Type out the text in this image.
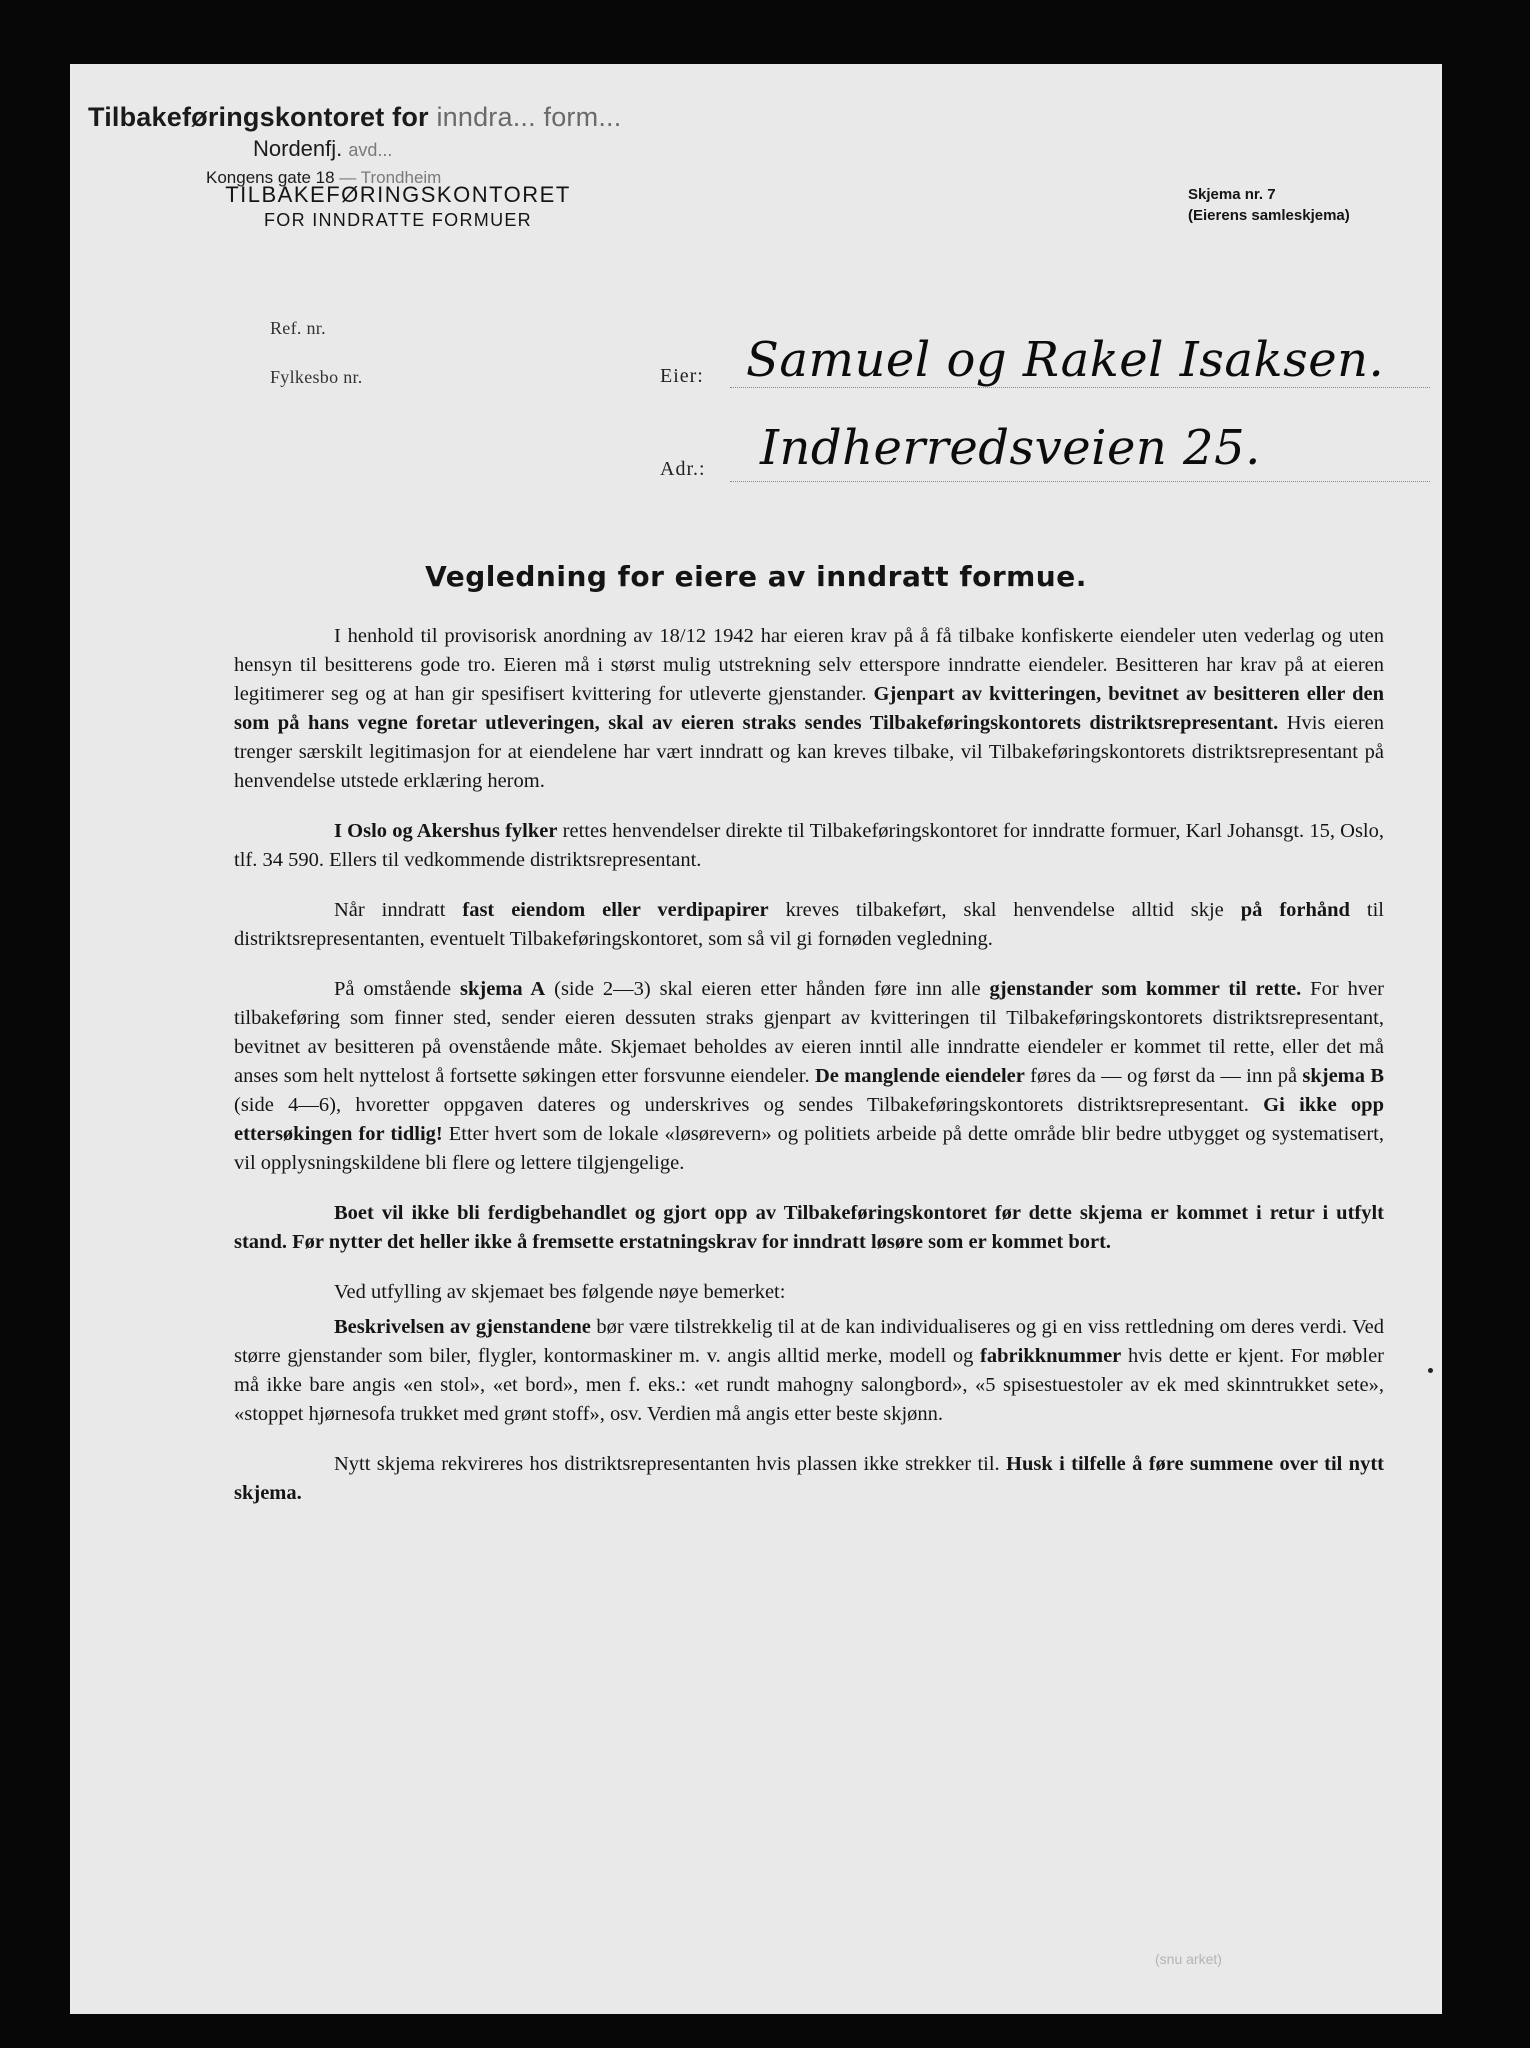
Tilbakeføringskontoret for inndra... form...
Nordenfj. avd...
Kongens gate 18 — Trondheim
TILBAKEFØRINGSKONTORET
FOR INNDRATTE FORMUER
Skjema nr. 7
(Eierens samleskjema)
Ref. nr.
Fylkesbo nr.	Eier: Samuel og Rakel Isaksen.
Adr.: Indherredsveien 25.
Vegledning for eiere av inndratt formue.

I henhold til provisorisk anordning av 18/12 1942 har eieren krav på å få tilbake konfiskerte eiendeler uten vederlag og uten hensyn til besitterens gode tro. Eieren må i størst mulig utstrekning selv etterspore inndratte eiendeler. Besitteren har krav på at eieren legitimerer seg og at han gir spesifisert kvittering for utleverte gjenstander. Gjenpart av kvitteringen, bevitnet av besitteren eller den som på hans vegne foretar utleveringen, skal av eieren straks sendes Tilbakeføringskontorets distriktsrepresentant. Hvis eieren trenger særskilt legitimasjon for at eiendelene har vært inndratt og kan kreves tilbake, vil Tilbakeføringskontorets distriktsrepresentant på henvendelse utstede erklæring herom.

I Oslo og Akershus fylker rettes henvendelser direkte til Tilbakeføringskontoret for inndratte formuer, Karl Johansgt. 15, Oslo, tlf. 34 590. Ellers til vedkommende distriktsrepresentant.

Når inndratt fast eiendom eller verdipapirer kreves tilbakeført, skal henvendelse alltid skje på forhånd til distriktsrepresentanten, eventuelt Tilbakeføringskontoret, som så vil gi fornøden vegledning.

På omstående skjema A (side 2—3) skal eieren etter hånden føre inn alle gjenstander som kommer til rette. For hver tilbakeføring som finner sted, sender eieren dessuten straks gjenpart av kvitteringen til Tilbakeføringskontorets distriktsrepresentant, bevitnet av besitteren på ovenstående måte. Skjemaet beholdes av eieren inntil alle inndratte eiendeler er kommet til rette, eller det må anses som helt nyttelost å fortsette søkingen etter forsvunne eiendeler. De manglende eiendeler føres da — og først da — inn på skjema B (side 4—6), hvoretter oppgaven dateres og underskrives og sendes Tilbakeføringskontorets distriktsrepresentant. Gi ikke opp ettersøkingen for tidlig! Etter hvert som de lokale «løsørevern» og politiets arbeide på dette område blir bedre utbygget og systematisert, vil opplysningskildene bli flere og lettere tilgjengelige.

Boet vil ikke bli ferdigbehandlet og gjort opp av Tilbakeføringskontoret før dette skjema er kommet i retur i utfylt stand. Før nytter det heller ikke å fremsette erstatningskrav for inndratt løsøre som er kommet bort.

Ved utfylling av skjemaet bes følgende nøye bemerket:

Beskrivelsen av gjenstandene bør være tilstrekkelig til at de kan individualiseres og gi en viss rettledning om deres verdi. Ved større gjenstander som biler, flygler, kontormaskiner m. v. angis alltid merke, modell og fabrikknummer hvis dette er kjent. For møbler må ikke bare angis «en stol», «et bord», men f. eks.: «et rundt mahogny salongbord», «5 spisestuestoler av ek med skinntrukket sete», «stoppet hjørnesofa trukket med grønt stoff», osv. Verdien må angis etter beste skjønn.

Nytt skjema rekvireres hos distriktsrepresentanten hvis plassen ikke strekker til. Husk i tilfelle å føre summene over til nytt skjema.

(snu arket)
